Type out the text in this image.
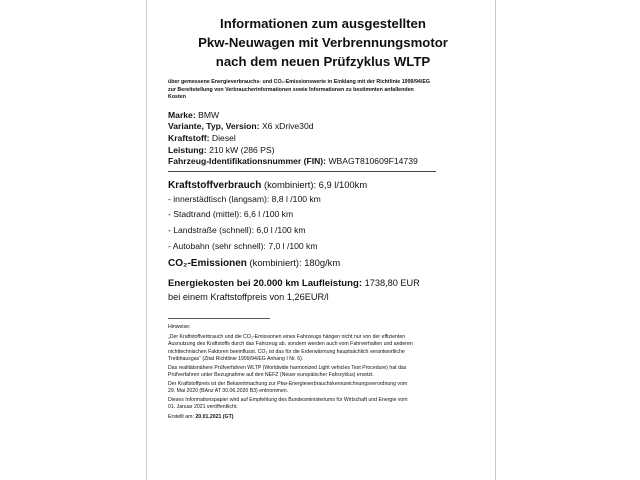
Informationen zum ausgestellten
Pkw-Neuwagen mit Verbrennungsmotor
nach dem neuen Prüfzyklus WLTP
über gemessene Energieverbrauchs- und CO₂-Emissionswerte in Einklang mit der Richtlinie 1999/94/EG
zur Bereitstellung von Verbraucherinformationen sowie Informationen zu bestimmten anfallenden
Kosten
Marke: BMW
Variante, Typ, Version: X6 xDrive30d
Kraftstoff: Diesel
Leistung: 210 kW (286 PS)
Fahrzeug-Identifikationsnummer (FIN): WBAGT810609F14739
Kraftstoffverbrauch (kombiniert): 6,9 l/100km
- innerstädtisch (langsam): 8,8 l /100 km
- Stadtrand (mittel): 6,6 l /100 km
- Landstraße (schnell): 6,0 l /100 km
- Autobahn (sehr schnell): 7,0 l /100 km
CO₂-Emissionen (kombiniert): 180g/km
Energiekosten bei 20.000 km Laufleistung: 1738,80 EUR
bei einem Kraftstoffpreis von 1,26EUR/l

Hinweise:

„Der Kraftstoffverbrauch und die CO₂-Emissionen eines Fahrzeugs hängen nicht nur von der effizienten
Ausnutzung des Kraftstoffs durch das Fahrzeug ab, sondern werden auch vom Fahrverhalten und anderen
nichttechnischen Faktoren beeinflusst. CO₂ ist das für die Erderwärmung hauptsächlich verantwortliche
Treibhausgas“ (Zitat Richtlinie 1999/94/EG Anhang I Nr. 6).

Das realitätsnähere Prüfverfahren WLTP (Worldwide harmonized Light vehicles Test Procedure) hat das
Prüfverfahren unter Bezugnahme auf den NEFZ (Neuer europäischer Fahrzyklus) ersetzt.

Der Kraftstoffpreis ist der Bekanntmachung zur Pkw-Energieverbrauchskennzeichnungsverordnung vom
29. Mai 2020 (BAnz AT 30.06.2020 B3) entnommen.

Dieses Informationspapier wird auf Empfehlung des Bundesministeriums für Wirtschaft und Energie vom
01. Januar 2021 veröffentlicht.

Erstellt am: 20.01.2021 (GT)
